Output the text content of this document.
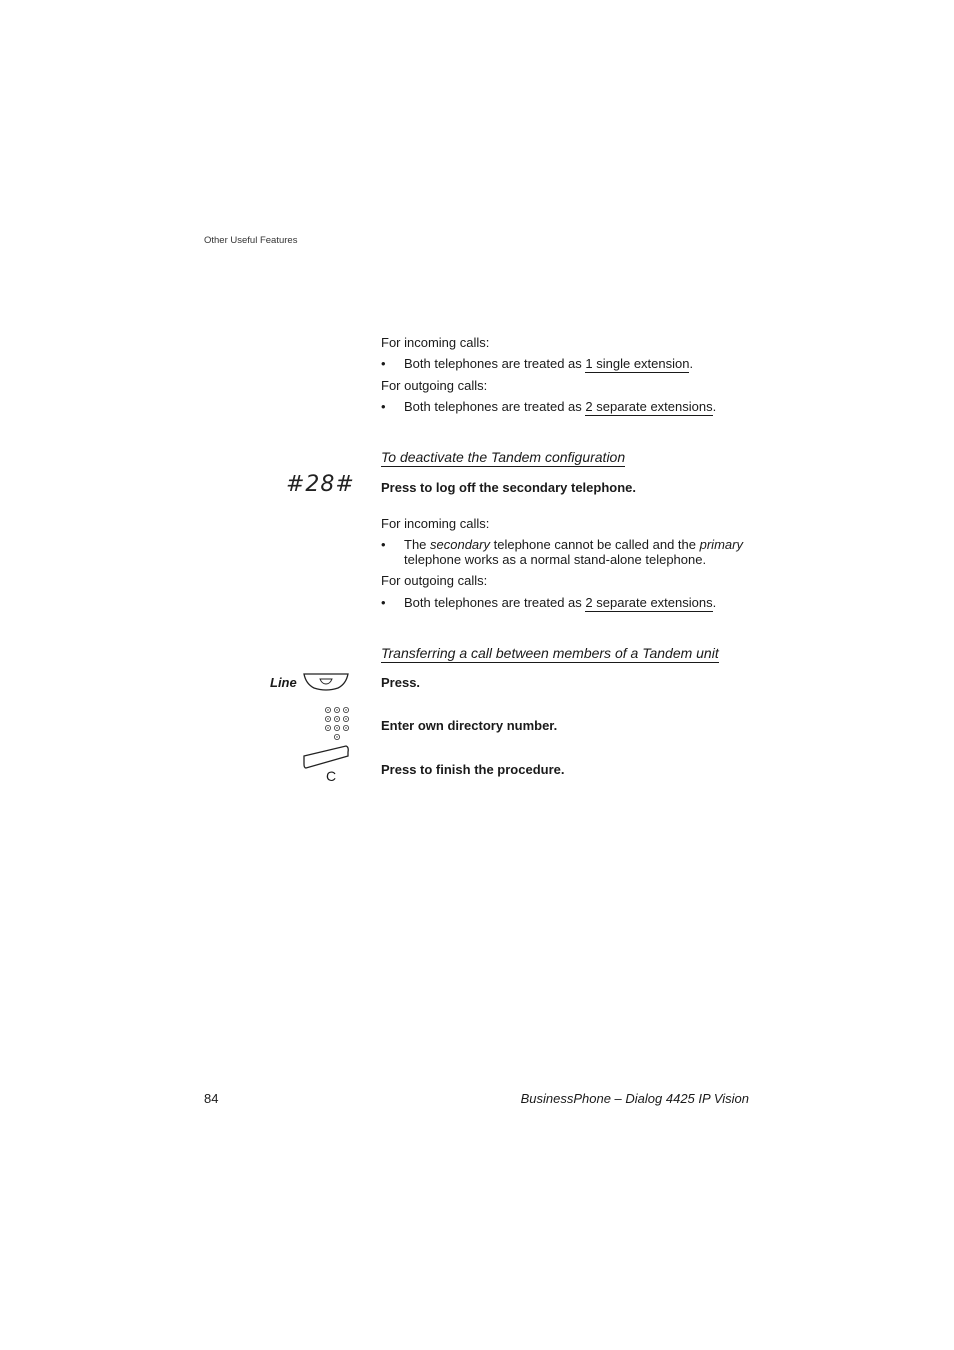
Other Useful Features
For incoming calls:
• Both telephones are treated as 1 single extension.
For outgoing calls:
• Both telephones are treated as 2 separate extensions.
To deactivate the Tandem configuration
#28# Press to log off the secondary telephone.
For incoming calls:
• The secondary telephone cannot be called and the primary
telephone works as a normal stand-alone telephone.
For outgoing calls:
• Both telephones are treated as 2 separate extensions.
Transferring a call between members of a Tandem unit
Line	Press.
Enter own directory number.
C	Press to finish the procedure.
84	BusinessPhone – Dialog 4425 IP Vision
